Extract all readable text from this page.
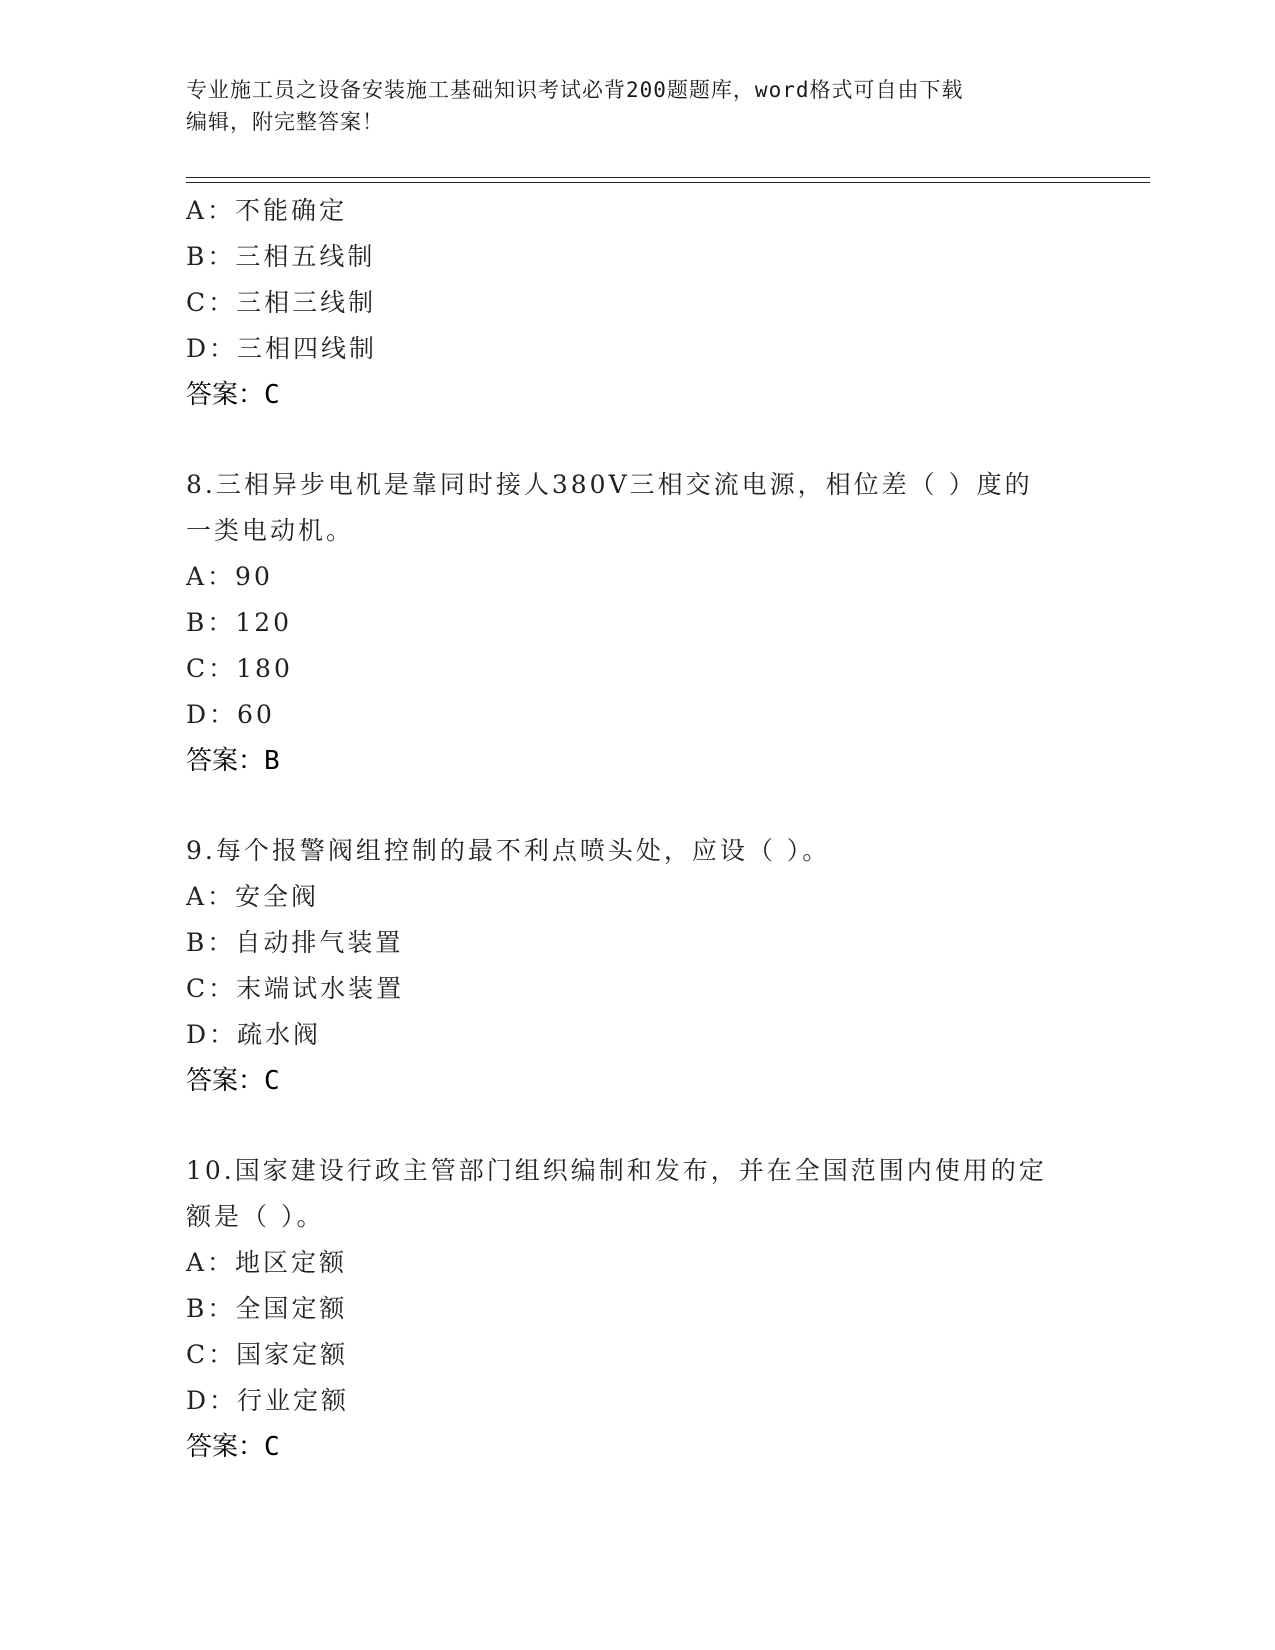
专业施工员之设备安装施工基础知识考试必背200题题库，word格式可自由下载
编辑，附完整答案！
A：不能确定
B：三相五线制
C：三相三线制
D：三相四线制
答案：C
8.三相异步电机是靠同时接人380V三相交流电源，相位差（ ）度的
一类电动机。
A：90
B：120
C：180
D：60
答案：B
9.每个报警阀组控制的最不利点喷头处，应设（ ）。
A：安全阀
B：自动排气装置
C：末端试水装置
D：疏水阀
答案：C
10.国家建设行政主管部门组织编制和发布，并在全国范围内使用的定
额是（ ）。
A：地区定额
B：全国定额
C：国家定额
D：行业定额
答案：C
